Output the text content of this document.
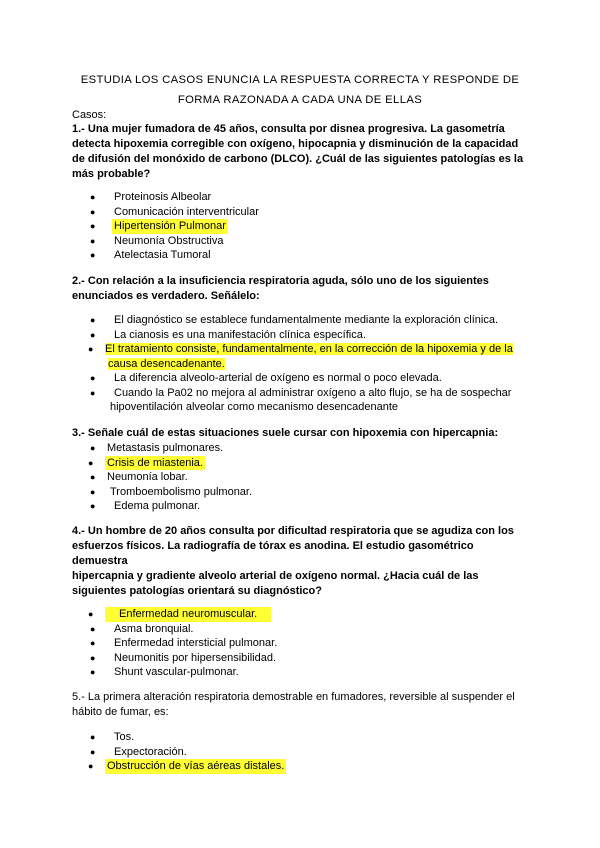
ESTUDIA LOS CASOS ENUNCIA LA RESPUESTA CORRECTA Y RESPONDE DE
FORMA RAZONADA A CADA UNA DE ELLAS
Casos:
1.- Una mujer fumadora de 45 años, consulta por disnea progresiva. La gasometría
detecta hipoxemia corregible con oxígeno, hipocapnia y disminución de la capacidad
de difusión del monóxido de carbono (DLCO). ¿Cuál de las siguientes patologías es la
más probable?
● Proteinosis Albeolar
● Comunicación interventricular
● Hipertensión Pulmonar
● Neumonía Obstructiva
● Atelectasia Tumoral
2.- Con relación a la insuficiencia respiratoria aguda, sólo uno de los siguientes
enunciados es verdadero. Señálelo:
● El diagnóstico se establece fundamentalmente mediante la exploración clínica.
● La cianosis es una manifestación clínica específica.
● El tratamiento consiste, fundamentalmente, en la corrección de la hipoxemia y de la
causa desencadenante.
● La diferencia alveolo-arterial de oxígeno es normal o poco elevada.
● Cuando la Pa02 no mejora al administrar oxígeno a alto flujo, se ha de sospechar
hipoventilación alveolar como mecanismo desencadenante
3.- Señale cuál de estas situaciones suele cursar con hipoxemia con hipercapnia:
● Metastasis pulmonares.
● Crisis de miastenia.
● Neumonía lobar.
● Tromboembolismo pulmonar.
● Edema pulmonar.
4.- Un hombre de 20 años consulta por dificultad respiratoria que se agudiza con los
esfuerzos físicos. La radiografía de tórax es anodina. El estudio gasométrico
demuestra
hipercapnia y gradiente alveolo arterial de oxígeno normal. ¿Hacia cuál de las
siguientes patologías orientará su diagnóstico?
●	Enfermedad neuromuscular.
● Asma bronquial.
● Enfermedad intersticial pulmonar.
● Neumonitis por hipersensibilidad.
● Shunt vascular-pulmonar.
5.- La primera alteración respiratoria demostrable en fumadores, reversible al suspender el
hábito de fumar, es:
● Tos.
● Expectoración.
● Obstrucción de vías aéreas distales.
